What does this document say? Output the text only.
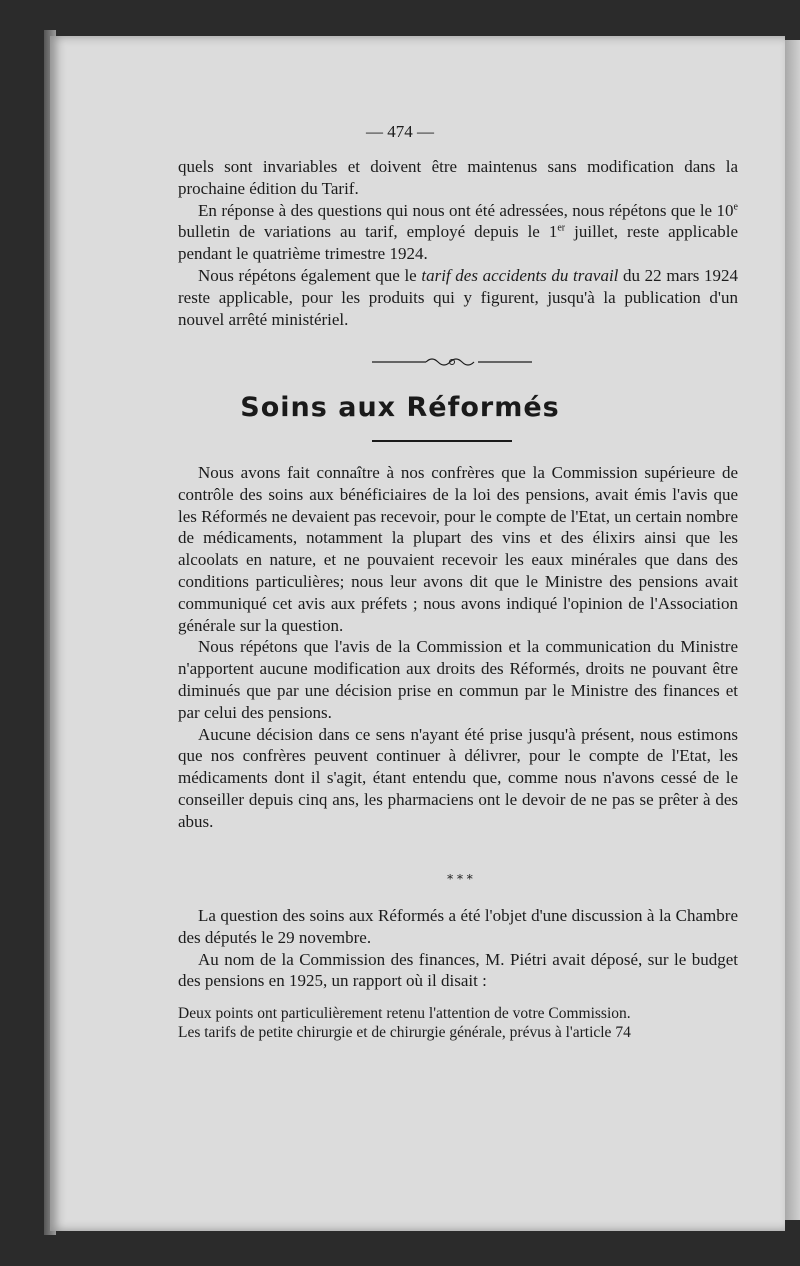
— 474 —

quels sont invariables et doivent être maintenus sans modification dans la prochaine édition du Tarif.

En réponse à des questions qui nous ont été adressées, nous répétons que le 10e bulletin de variations au tarif, employé depuis le 1er juillet, reste applicable pendant le quatrième trimestre 1924.

Nous répétons également que le tarif des accidents du travail du 22 mars 1924 reste applicable, pour les produits qui y figurent, jusqu'à la publication d'un nouvel arrêté ministériel.

Soins aux Réformés

Nous avons fait connaître à nos confrères que la Commission supérieure de contrôle des soins aux bénéficiaires de la loi des pensions, avait émis l'avis que les Réformés ne devaient pas recevoir, pour le compte de l'Etat, un certain nombre de médicaments, notamment la plupart des vins et des élixirs ainsi que les alcoolats en nature, et ne pouvaient recevoir les eaux minérales que dans des conditions particulières; nous leur avons dit que le Ministre des pensions avait communiqué cet avis aux préfets ; nous avons indiqué l'opinion de l'Association générale sur la question.

Nous répétons que l'avis de la Commission et la communication du Ministre n'apportent aucune modification aux droits des Réformés, droits ne pouvant être diminués que par une décision prise en commun par le Ministre des finances et par celui des pensions.

Aucune décision dans ce sens n'ayant été prise jusqu'à présent, nous estimons que nos confrères peuvent continuer à délivrer, pour le compte de l'Etat, les médicaments dont il s'agit, étant entendu que, comme nous n'avons cessé de le conseiller depuis cinq ans, les pharmaciens ont le devoir de ne pas se prêter à des abus.

* * *

La question des soins aux Réformés a été l'objet d'une discussion à la Chambre des députés le 29 novembre.

Au nom de la Commission des finances, M. Piétri avait déposé, sur le budget des pensions en 1925, un rapport où il disait :

Deux points ont particulièrement retenu l'attention de votre Commission.

Les tarifs de petite chirurgie et de chirurgie générale, prévus à l'article 74
